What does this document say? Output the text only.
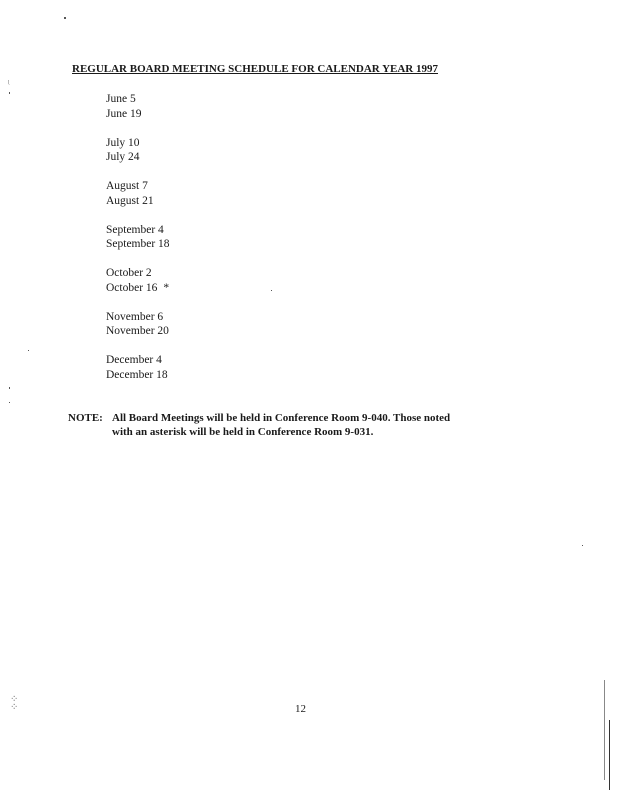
ᶩ
⁘
⁘
REGULAR BOARD MEETING SCHEDULE FOR CALENDAR YEAR 1997
June 5
June 19
July 10
July 24
August 7
August 21
September 4
September 18
October 2
October 16 *
November 6
November 20
December 4
December 18
NOTE: All Board Meetings will be held in Conference Room 9-040. Those noted
with an asterisk will be held in Conference Room 9-031.
12
